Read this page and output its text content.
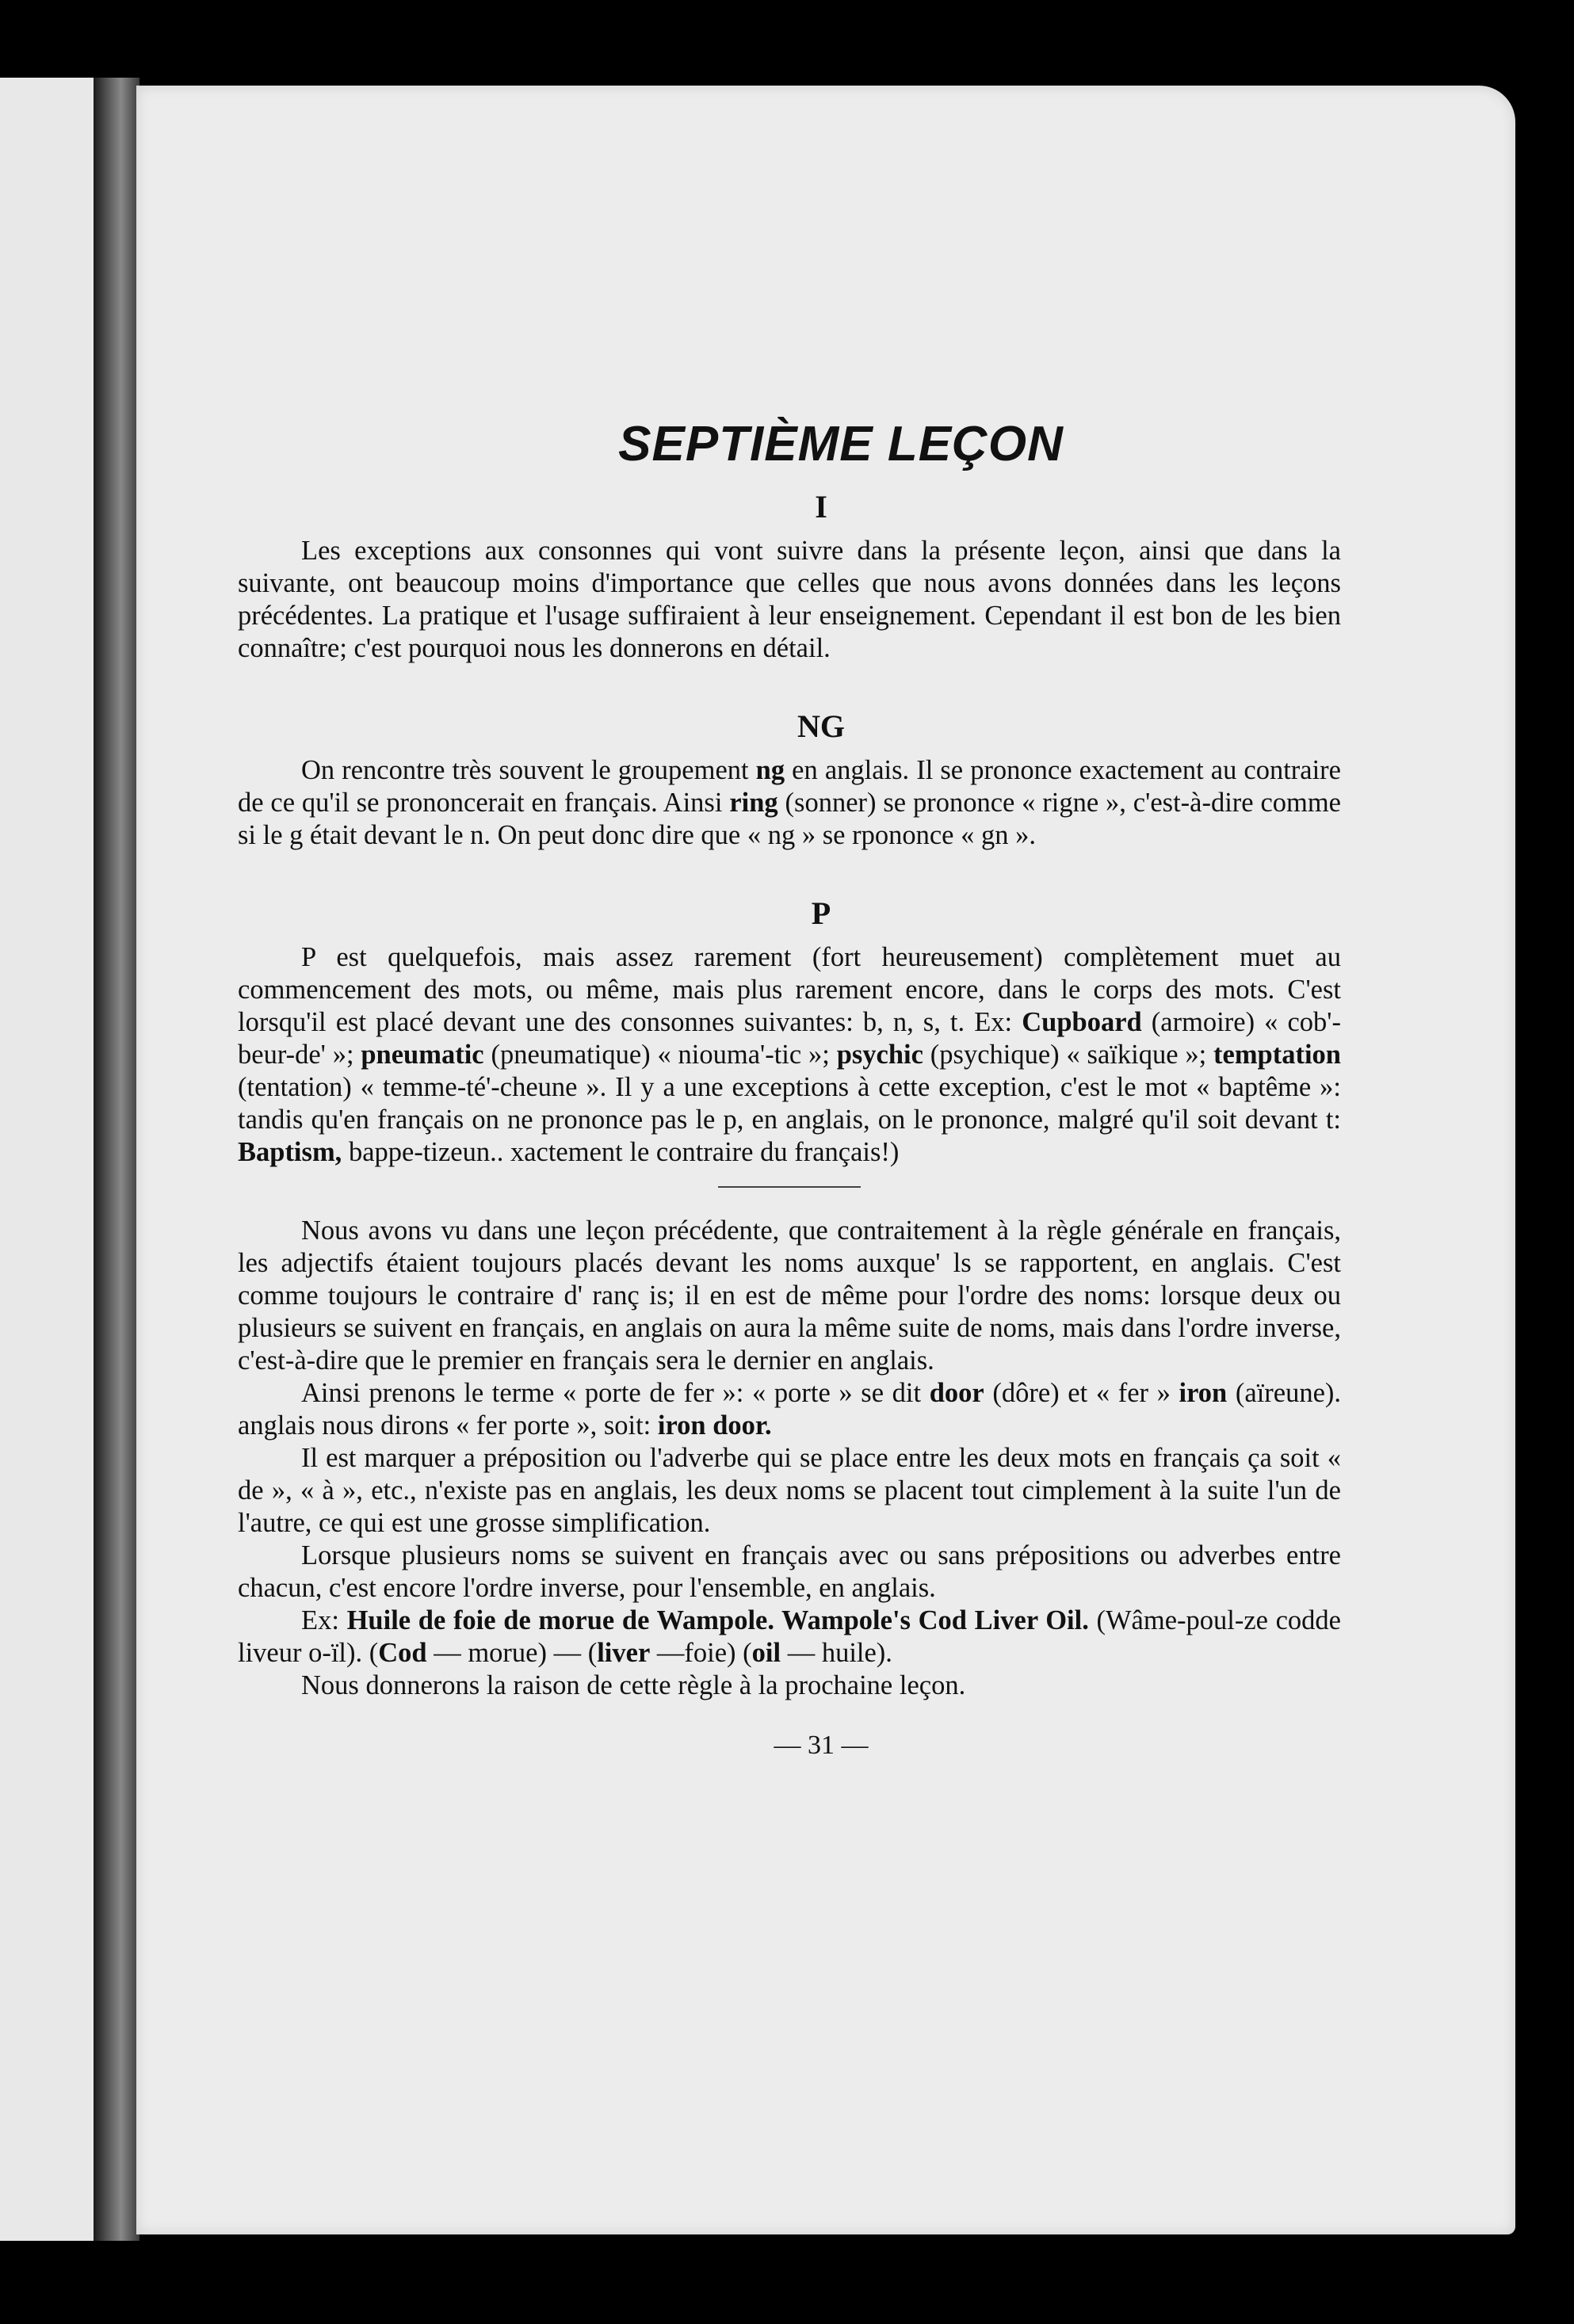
SEPTIÈME LEÇON
I

Les exceptions aux consonnes qui vont suivre dans la présente leçon, ainsi que dans la suivante, ont beaucoup moins d'importance que celles que nous avons données dans les leçons précédentes. La pratique et l'usage suffiraient à leur enseignement. Cependant il est bon de les bien connaître; c'est pourquoi nous les donnerons en détail.

NG

On rencontre très souvent le groupement ng en anglais. Il se prononce exactement au contraire de ce qu'il se prononcerait en français. Ainsi ring (sonner) se prononce « rigne », c'est-à-dire comme si le g était devant le n. On peut donc dire que « ng » se rpononce « gn ».

P

P est quelquefois, mais assez rarement (fort heureusement) complètement muet au commencement des mots, ou même, mais plus rarement encore, dans le corps des mots. C'est lorsqu'il est placé devant une des consonnes suivantes: b, n, s, t. Ex: Cupboard (armoire) « cob'-beur-de' »; pneumatic (pneumatique) « niouma'-tic »; psychic (psychique) « saïkique »; temptation (tentation) « temme-té'-cheune ». Il y a une exceptions à cette exception, c'est le mot « baptême »: tandis qu'en français on ne prononce pas le p, en anglais, on le prononce, malgré qu'il soit devant t: Baptism, bappe-tizeun.. xactement le contraire du français!)

Nous avons vu dans une leçon précédente, que contraitement à la règle générale en français, les adjectifs étaient toujours placés devant les noms auxque' ls se rapportent, en anglais. C'est comme toujours le contraire d' ranç is; il en est de même pour l'ordre des noms: lorsque deux ou plusieurs se suivent en français, en anglais on aura la même suite de noms, mais dans l'ordre inverse, c'est-à-dire que le premier en français sera le dernier en anglais.

Ainsi prenons le terme « porte de fer »: « porte » se dit door (dôre) et « fer » iron (aïreune). anglais nous dirons « fer porte », soit: iron door.

Il est marquer a préposition ou l'adverbe qui se place entre les deux mots en français ça soit « de », « à », etc., n'existe pas en anglais, les deux noms se placent tout cimplement à la suite l'un de l'autre, ce qui est une grosse simplification.

Lorsque plusieurs noms se suivent en français avec ou sans prépositions ou adverbes entre chacun, c'est encore l'ordre inverse, pour l'ensemble, en anglais.

Ex: Huile de foie de morue de Wampole. Wampole's Cod Liver Oil. (Wâme-poul-ze codde liveur o-ïl). (Cod — morue) — (liver —foie) (oil — huile).

Nous donnerons la raison de cette règle à la prochaine leçon.

— 31 —
